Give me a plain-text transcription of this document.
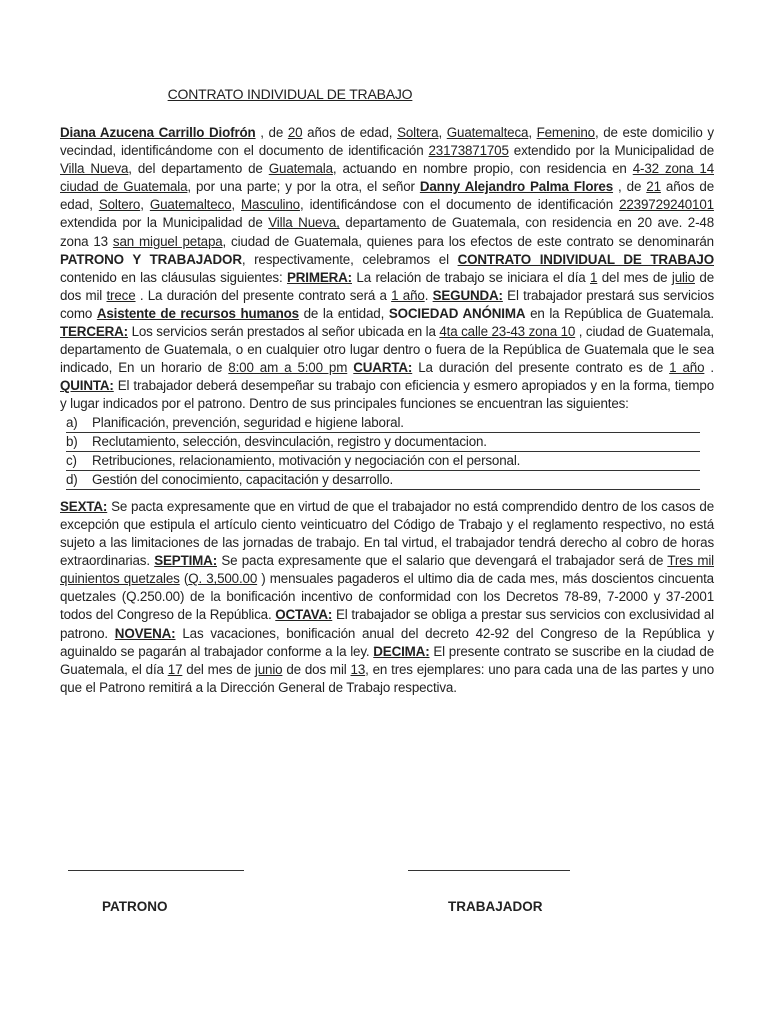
CONTRATO INDIVIDUAL DE TRABAJO

Diana Azucena Carrillo Diofrón , de 20 años de edad, Soltera, Guatemalteca, Femenino, de este domicilio y vecindad, identificándome con el documento de identificación 23173871705 extendido por la Municipalidad de Villa Nueva, del departamento de Guatemala, actuando en nombre propio, con residencia en 4-32 zona 14 ciudad de Guatemala, por una parte; y por la otra, el señor Danny Alejandro Palma Flores , de 21 años de edad, Soltero, Guatemalteco, Masculino, identificándose con el documento de identificación 2239729240101 extendida por la Municipalidad de Villa Nueva, departamento de Guatemala, con residencia en 20 ave. 2-48 zona 13 san miguel petapa, ciudad de Guatemala, quienes para los efectos de este contrato se denominarán PATRONO Y TRABAJADOR, respectivamente, celebramos el CONTRATO INDIVIDUAL DE TRABAJO contenido en las cláusulas siguientes: PRIMERA: La relación de trabajo se iniciara el día 1 del mes de julio de dos mil trece . La duración del presente contrato será a 1 año. SEGUNDA: El trabajador prestará sus servicios como Asistente de recursos humanos de la entidad, SOCIEDAD ANÓNIMA en la República de Guatemala. TERCERA: Los servicios serán prestados al señor ubicada en la 4ta calle 23-43 zona 10 , ciudad de Guatemala, departamento de Guatemala, o en cualquier otro lugar dentro o fuera de la República de Guatemala que le sea indicado, En un horario de 8:00 am a 5:00 pm CUARTA: La duración del presente contrato es de 1 año . QUINTA: El trabajador deberá desempeñar su trabajo con eficiencia y esmero apropiados y en la forma, tiempo y lugar indicados por el patrono. Dentro de sus principales funciones se encuentran las siguientes:

a) Planificación, prevención, seguridad e higiene laboral.
b) Reclutamiento, selección, desvinculación, registro y documentacion.
c) Retribuciones, relacionamiento, motivación y negociación con el personal.
d) Gestión del conocimiento, capacitación y desarrollo.

SEXTA: Se pacta expresamente que en virtud de que el trabajador no está comprendido dentro de los casos de excepción que estipula el artículo ciento veinticuatro del Código de Trabajo y el reglamento respectivo, no está sujeto a las limitaciones de las jornadas de trabajo. En tal virtud, el trabajador tendrá derecho al cobro de horas extraordinarias. SEPTIMA: Se pacta expresamente que el salario que devengará el trabajador será de Tres mil quinientos quetzales (Q. 3,500.00 ) mensuales pagaderos el ultimo dia de cada mes, más doscientos cincuenta quetzales (Q.250.00) de la bonificación incentivo de conformidad con los Decretos 78-89, 7-2000 y 37-2001 todos del Congreso de la República. OCTAVA: El trabajador se obliga a prestar sus servicios con exclusividad al patrono. NOVENA: Las vacaciones, bonificación anual del decreto 42-92 del Congreso de la República y aguinaldo se pagarán al trabajador conforme a la ley. DECIMA: El presente contrato se suscribe en la ciudad de Guatemala, el día 17 del mes de junio de dos mil 13, en tres ejemplares: uno para cada una de las partes y uno que el Patrono remitirá a la Dirección General de Trabajo respectiva.

PATRONO	TRABAJADOR
